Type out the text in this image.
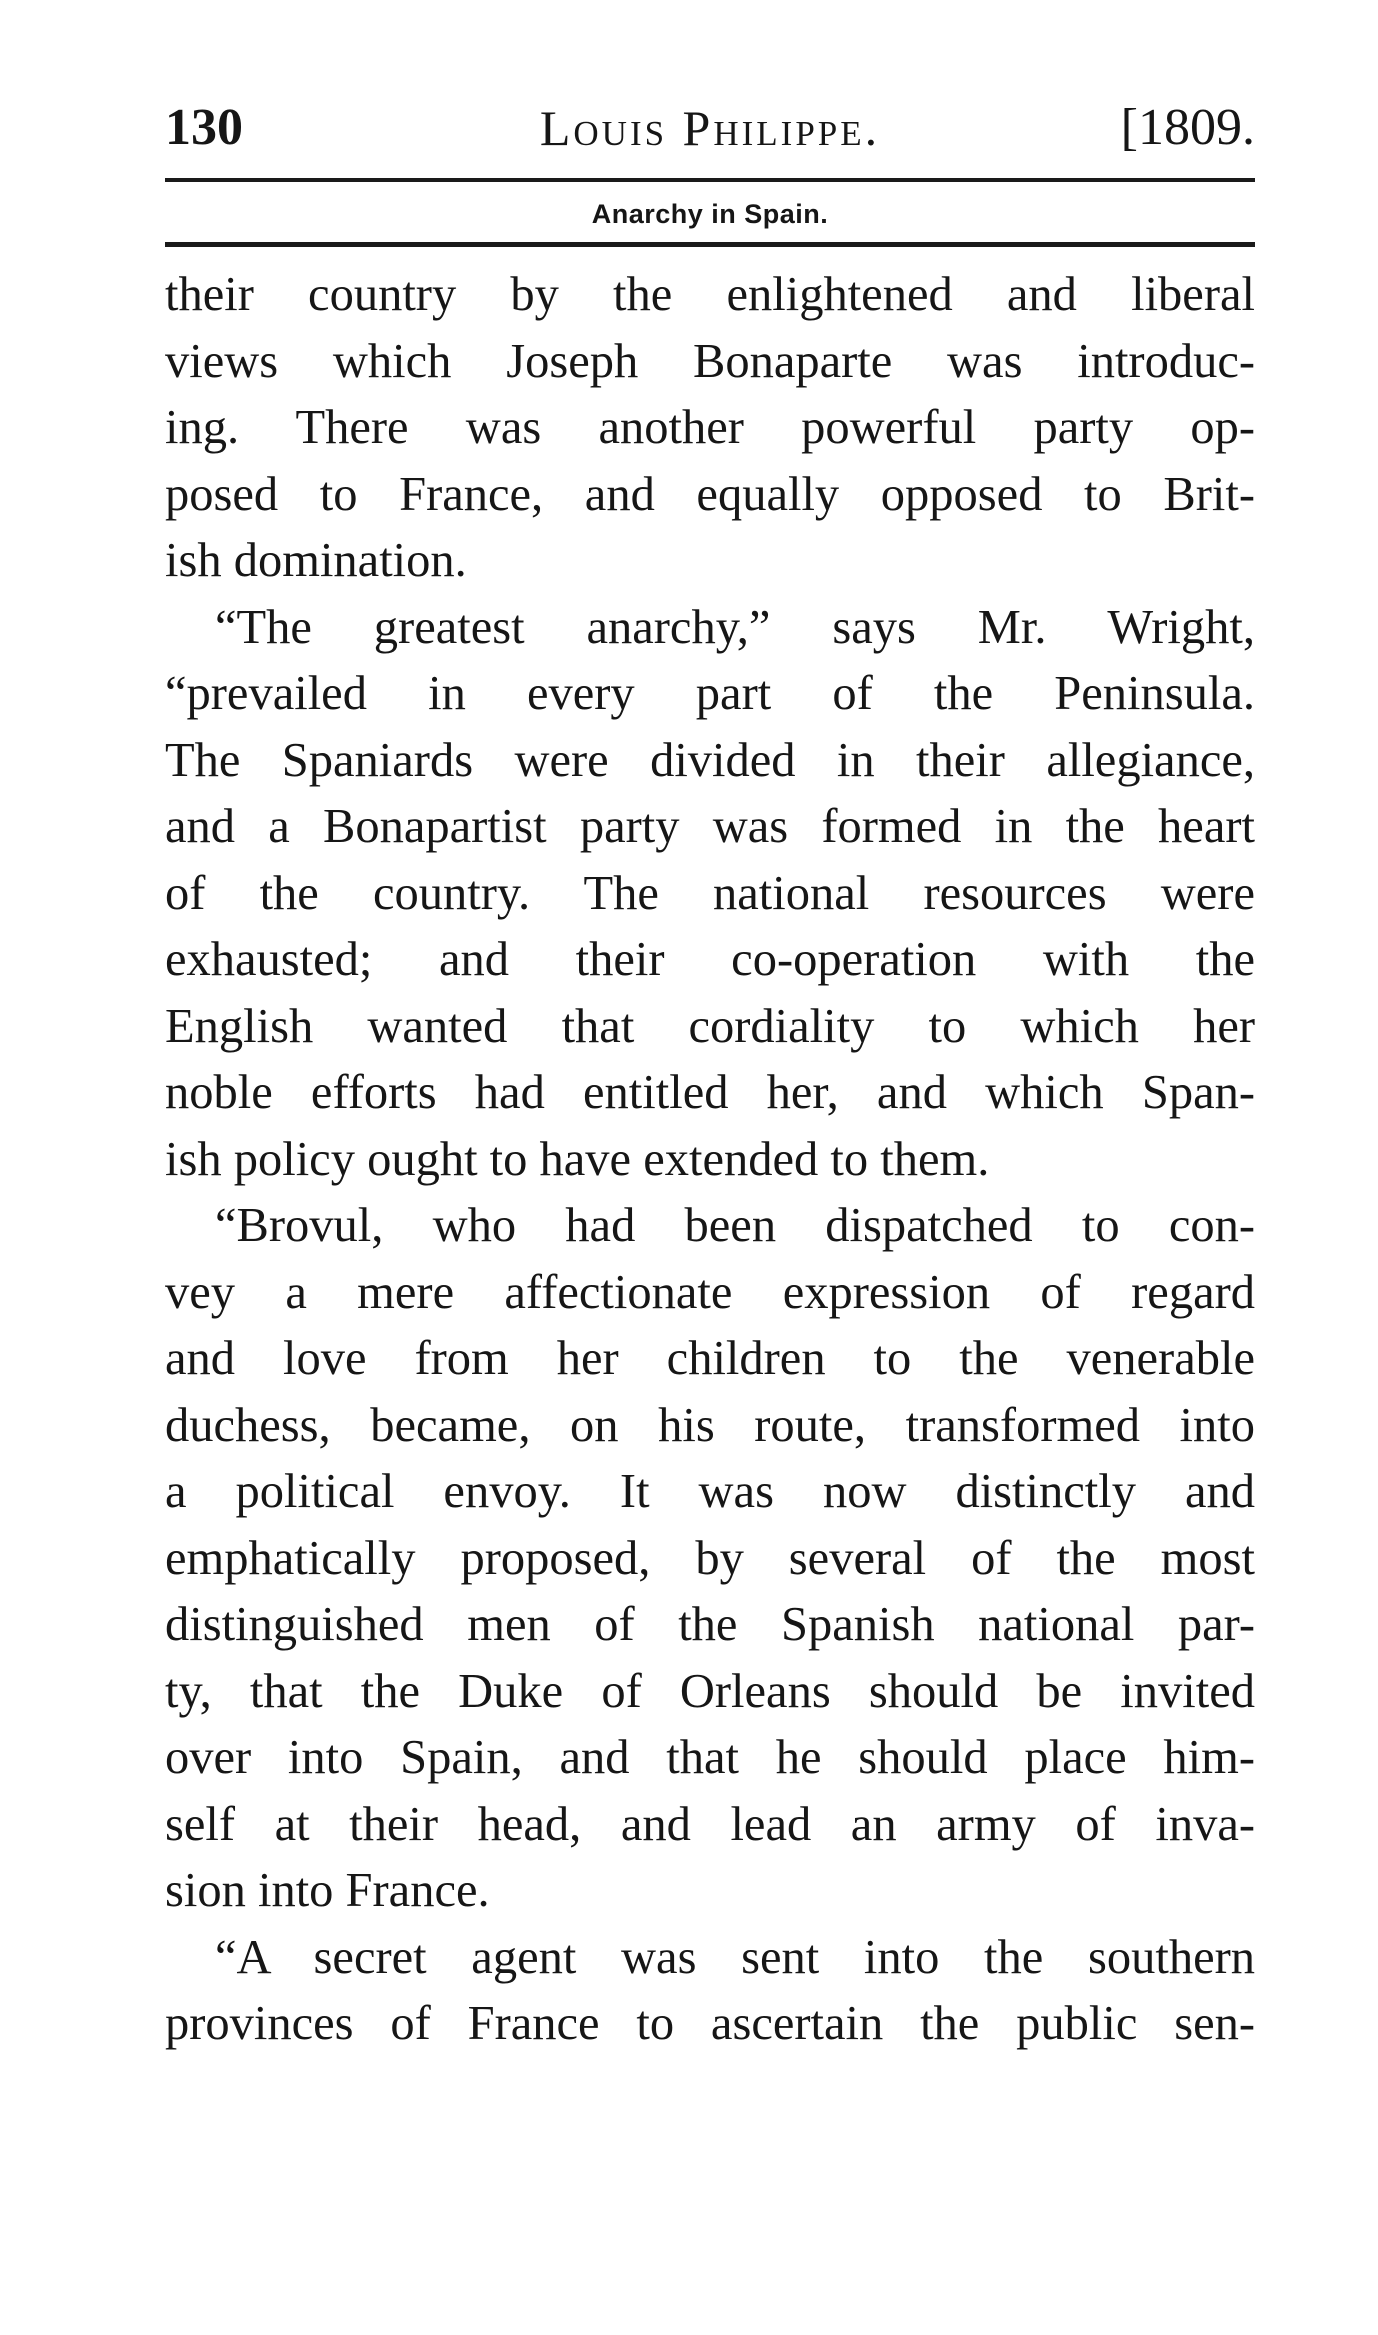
130	Louis Philippe.	[1809.
Anarchy in Spain.
their country by the enlightened and liberal
views which Joseph Bonaparte was introduc-
ing. There was another powerful party op-
posed to France, and equally opposed to Brit-
ish domination.
“The greatest anarchy,” says Mr. Wright,
“prevailed in every part of the Peninsula.
The Spaniards were divided in their allegiance,
and a Bonapartist party was formed in the heart
of the country. The national resources were
exhausted; and their co-operation with the
English wanted that cordiality to which her
noble efforts had entitled her, and which Span-
ish policy ought to have extended to them.
“Brovul, who had been dispatched to con-
vey a mere affectionate expression of regard
and love from her children to the venerable
duchess, became, on his route, transformed into
a political envoy. It was now distinctly and
emphatically proposed, by several of the most
distinguished men of the Spanish national par-
ty, that the Duke of Orleans should be invited
over into Spain, and that he should place him-
self at their head, and lead an army of inva-
sion into France.
“A secret agent was sent into the southern
provinces of France to ascertain the public sen-
